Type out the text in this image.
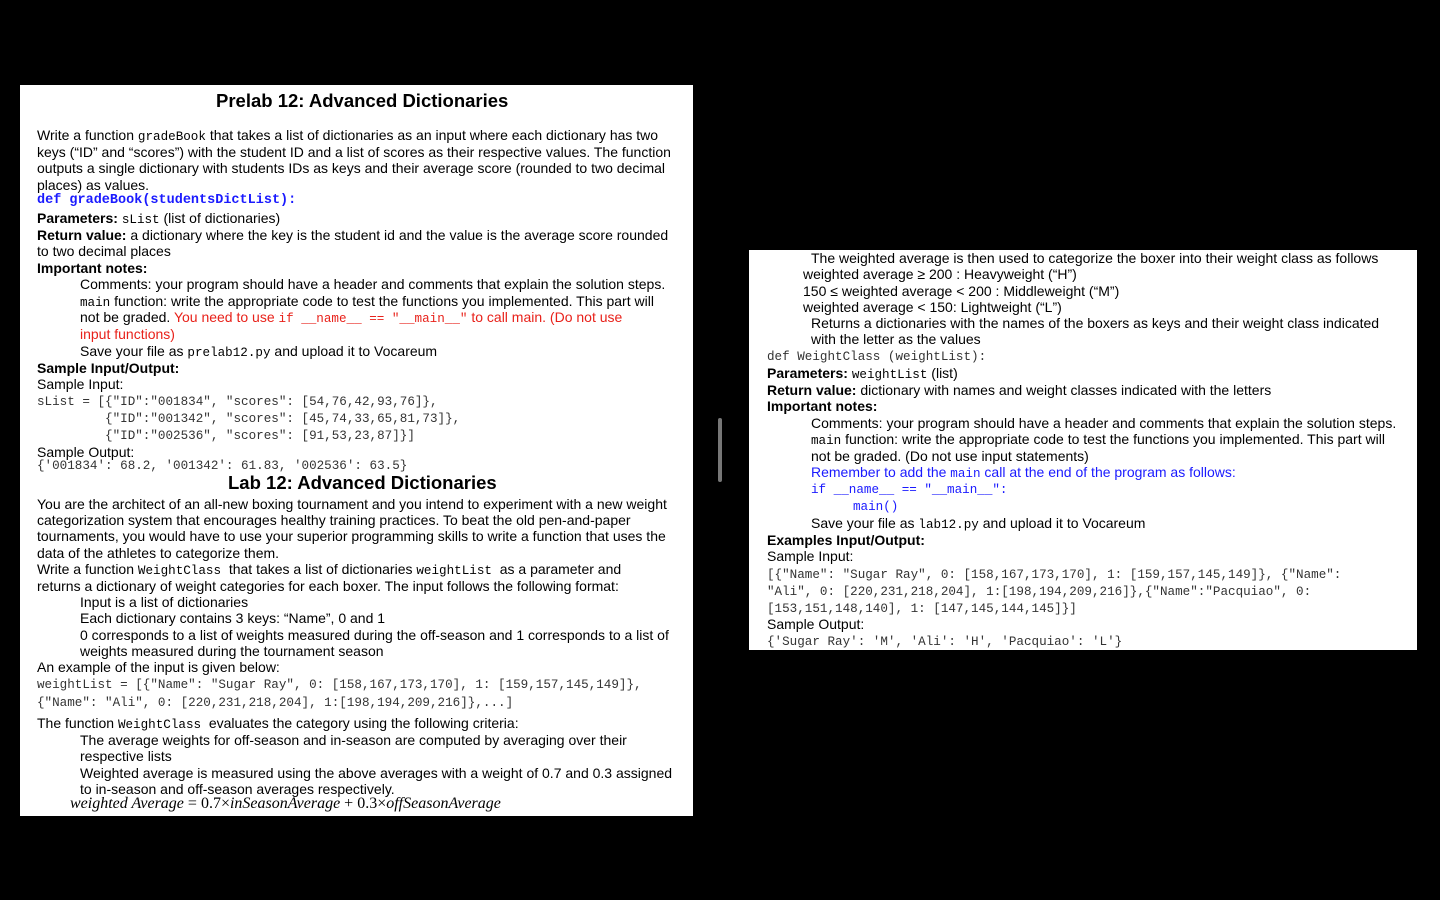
Prelab 12: Advanced Dictionaries
Write a function gradeBook that takes a list of dictionaries as an input where each dictionary has two
keys (“ID” and “scores”) with the student ID and a list of scores as their respective values. The function
outputs a single dictionary with students IDs as keys and their average score (rounded to two decimal
places) as values.
def gradeBook(studentsDictList):
Parameters: sList (list of dictionaries)
Return value: a dictionary where the key is the student id and the value is the average score rounded
to two decimal places
Important notes:
Comments: your program should have a header and comments that explain the solution steps.
main function: write the appropriate code to test the functions you implemented. This part will
not be graded. You need to use if __name__ == "__main__" to call main. (Do not use
input functions)
Save your file as prelab12.py and upload it to Vocareum
Sample Input/Output:
Sample Input:
sList = [{"ID":"001834", "scores": [54,76,42,93,76]},
{"ID":"001342", "scores": [45,74,33,65,81,73]},
{"ID":"002536", "scores": [91,53,23,87]}]
Sample Output:
{'001834': 68.2, '001342': 61.83, '002536': 63.5}
Lab 12: Advanced Dictionaries
You are the architect of an all-new boxing tournament and you intend to experiment with a new weight
categorization system that encourages healthy training practices. To beat the old pen-and-paper
tournaments, you would have to use your superior programming skills to write a function that uses the
data of the athletes to categorize them.
Write a function WeightClass  that takes a list of dictionaries weightList  as a parameter and
returns a dictionary of weight categories for each boxer. The input follows the following format:
Input is a list of dictionaries
Each dictionary contains 3 keys: “Name”, 0 and 1
0 corresponds to a list of weights measured during the off-season and 1 corresponds to a list of
weights measured during the tournament season
An example of the input is given below:
weightList = [{"Name": "Sugar Ray", 0: [158,167,173,170], 1: [159,157,145,149]},
{"Name": "Ali", 0: [220,231,218,204], 1:[198,194,209,216]},...]
The function WeightClass  evaluates the category using the following criteria:
The average weights for off-season and in-season are computed by averaging over their
respective lists
Weighted average is measured using the above averages with a weight of 0.7 and 0.3 assigned
to in-season and off-season averages respectively.
weighted Average = 0.7×inSeasonAverage + 0.3×offSeasonAverage
The weighted average is then used to categorize the boxer into their weight class as follows
weighted average ≥ 200 : Heavyweight (“H”)
150 ≤ weighted average < 200 : Middleweight (“M”)
weighted average < 150: Lightweight (“L”)
Returns a dictionaries with the names of the boxers as keys and their weight class indicated
with the letter as the values
def WeightClass (weightList):
Parameters: weightList (list)
Return value: dictionary with names and weight classes indicated with the letters
Important notes:
Comments: your program should have a header and comments that explain the solution steps.
main function: write the appropriate code to test the functions you implemented. This part will
not be graded. (Do not use input statements)
Remember to add the main call at the end of the program as follows:
if __name__ == "__main__":
main()
Save your file as lab12.py and upload it to Vocareum
Examples Input/Output:
Sample Input:
[{"Name": "Sugar Ray", 0: [158,167,173,170], 1: [159,157,145,149]}, {"Name":
"Ali", 0: [220,231,218,204], 1:[198,194,209,216]},{"Name":"Pacquiao", 0:
[153,151,148,140], 1: [147,145,144,145]}]
Sample Output:
{'Sugar Ray': 'M', 'Ali': 'H', 'Pacquiao': 'L'}
